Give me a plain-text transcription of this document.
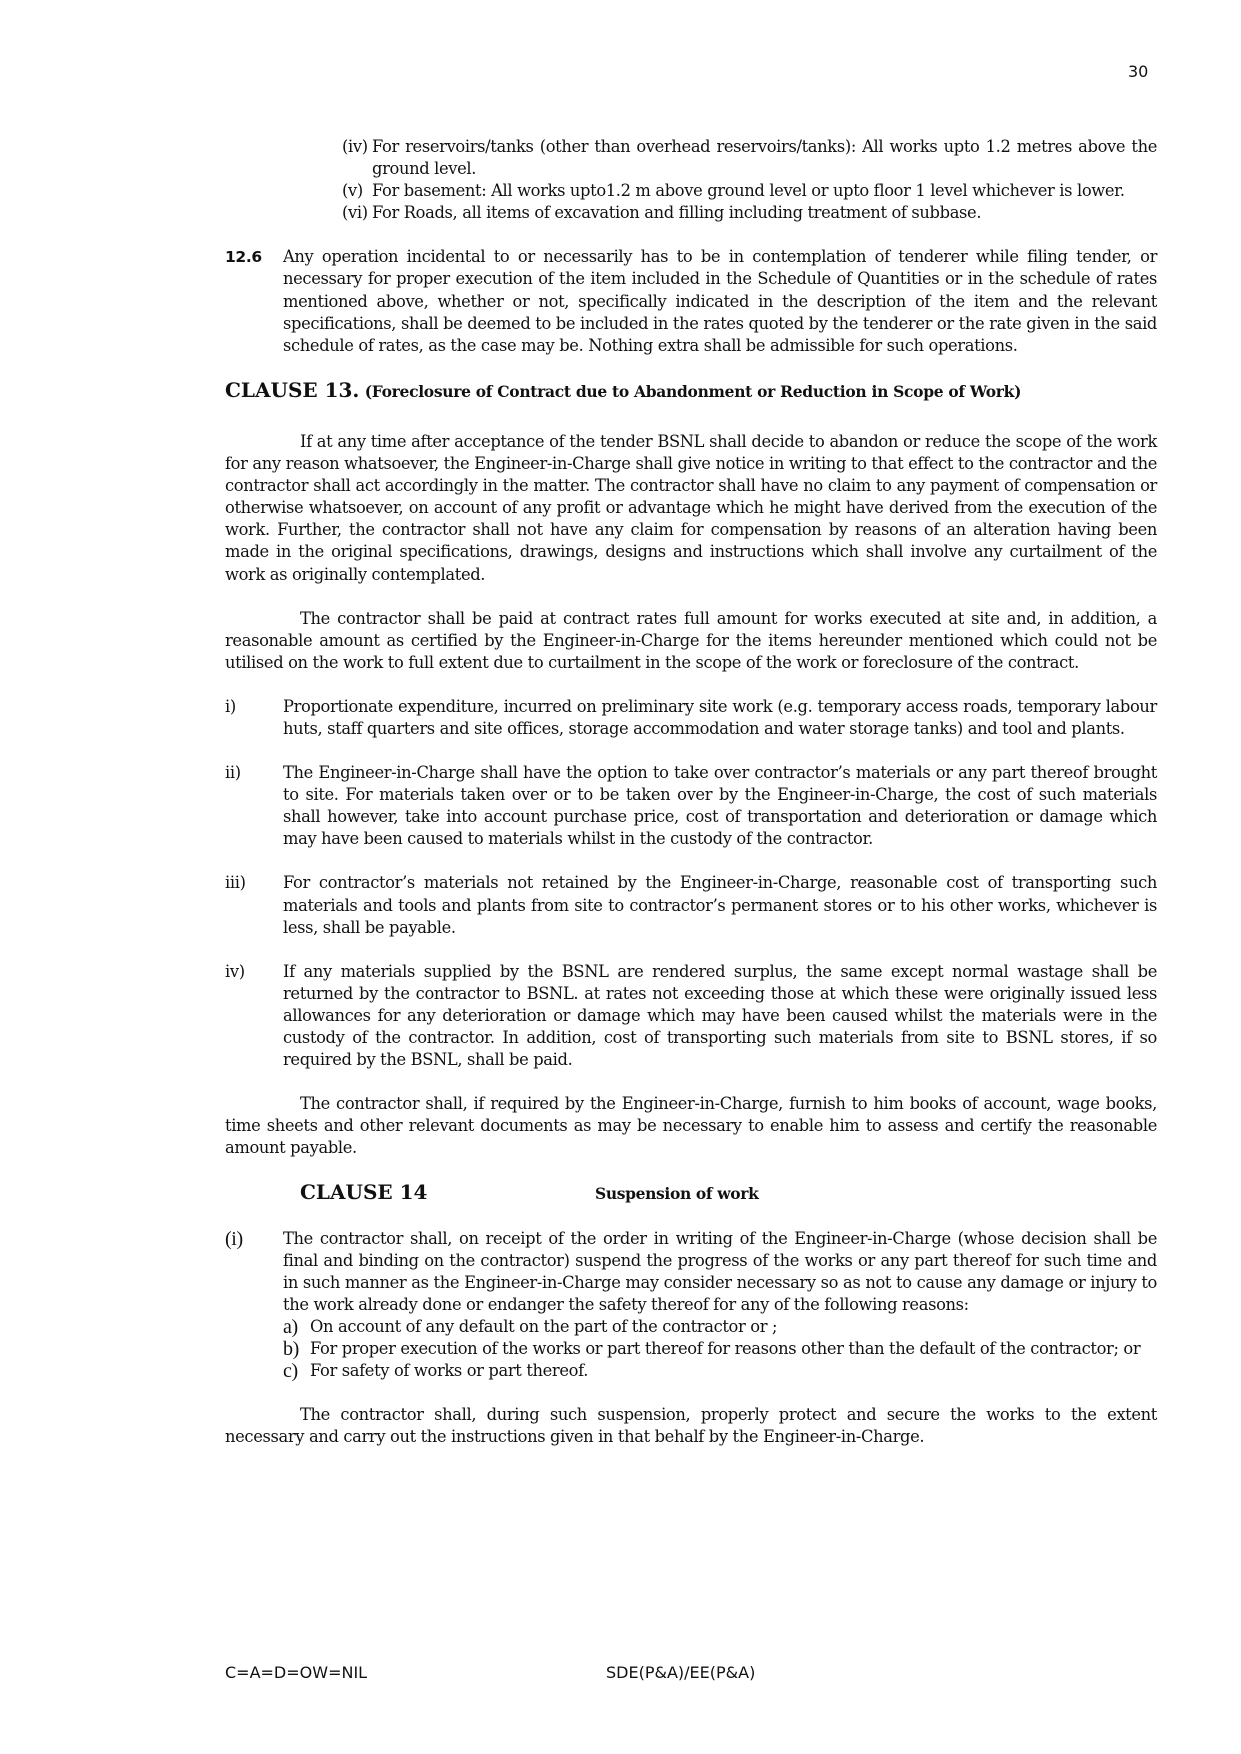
30
(iv) For reservoirs/tanks (other than overhead reservoirs/tanks): All works upto 1.2 metres above the ground level.
(v) For basement: All works upto1.2 m above ground level or upto floor 1 level whichever is lower.
(vi) For Roads, all items of excavation and filling including treatment of subbase.
12.6	Any operation incidental to or necessarily has to be in contemplation of tenderer while filing tender, or necessary for proper execution of the item included in the Schedule of Quantities or in the schedule of rates mentioned above, whether or not, specifically indicated in the description of the item and the relevant specifications, shall be deemed to be included in the rates quoted by the tenderer or the rate given in the said schedule of rates, as the case may be. Nothing extra shall be admissible for such operations.
CLAUSE 13. (Foreclosure of Contract due to Abandonment or Reduction in Scope of Work)
If at any time after acceptance of the tender BSNL shall decide to abandon or reduce the scope of the work for any reason whatsoever, the Engineer-in-Charge shall give notice in writing to that effect to the contractor and the contractor shall act accordingly in the matter. The contractor shall have no claim to any payment of compensation or otherwise whatsoever, on account of any profit or advantage which he might have derived from the execution of the work. Further, the contractor shall not have any claim for compensation by reasons of an alteration having been made in the original specifications, drawings, designs and instructions which shall involve any curtailment of the work as originally contemplated.
The contractor shall be paid at contract rates full amount for works executed at site and, in addition, a reasonable amount as certified by the Engineer-in-Charge for the items hereunder mentioned which could not be utilised on the work to full extent due to curtailment in the scope of the work or foreclosure of the contract.
i)	Proportionate expenditure, incurred on preliminary site work (e.g. temporary access roads, temporary labour huts, staff quarters and site offices, storage accommodation and water storage tanks) and tool and plants.
ii)	The Engineer-in-Charge shall have the option to take over contractor’s materials or any part thereof brought to site. For materials taken over or to be taken over by the Engineer-in-Charge, the cost of such materials shall however, take into account purchase price, cost of transportation and deterioration or damage which may have been caused to materials whilst in the custody of the contractor.
iii)	For contractor’s materials not retained by the Engineer-in-Charge, reasonable cost of transporting such materials and tools and plants from site to contractor’s permanent stores or to his other works, whichever is less, shall be payable.
iv)	If any materials supplied by the BSNL are rendered surplus, the same except normal wastage shall be returned by the contractor to BSNL. at rates not exceeding those at which these were originally issued less allowances for any deterioration or damage which may have been caused whilst the materials were in the custody of the contractor. In addition, cost of transporting such materials from site to BSNL stores, if so required by the BSNL, shall be paid.
The contractor shall, if required by the Engineer-in-Charge, furnish to him books of account, wage books, time sheets and other relevant documents as may be necessary to enable him to assess and certify the reasonable amount payable.
CLAUSE 14	Suspension of work
(i)	The contractor shall, on receipt of the order in writing of the Engineer-in-Charge (whose decision shall be final and binding on the contractor) suspend the progress of the works or any part thereof for such time and in such manner as the Engineer-in-Charge may consider necessary so as not to cause any damage or injury to the work already done or endanger the safety thereof for any of the following reasons:
a) On account of any default on the part of the contractor or ;
b) For proper execution of the works or part thereof for reasons other than the default of the contractor; or
c) For safety of works or part thereof.
The contractor shall, during such suspension, properly protect and secure the works to the extent necessary and carry out the instructions given in that behalf by the Engineer-in-Charge.
C=A=D=OW=NIL	SDE(P&A)/EE(P&A)
